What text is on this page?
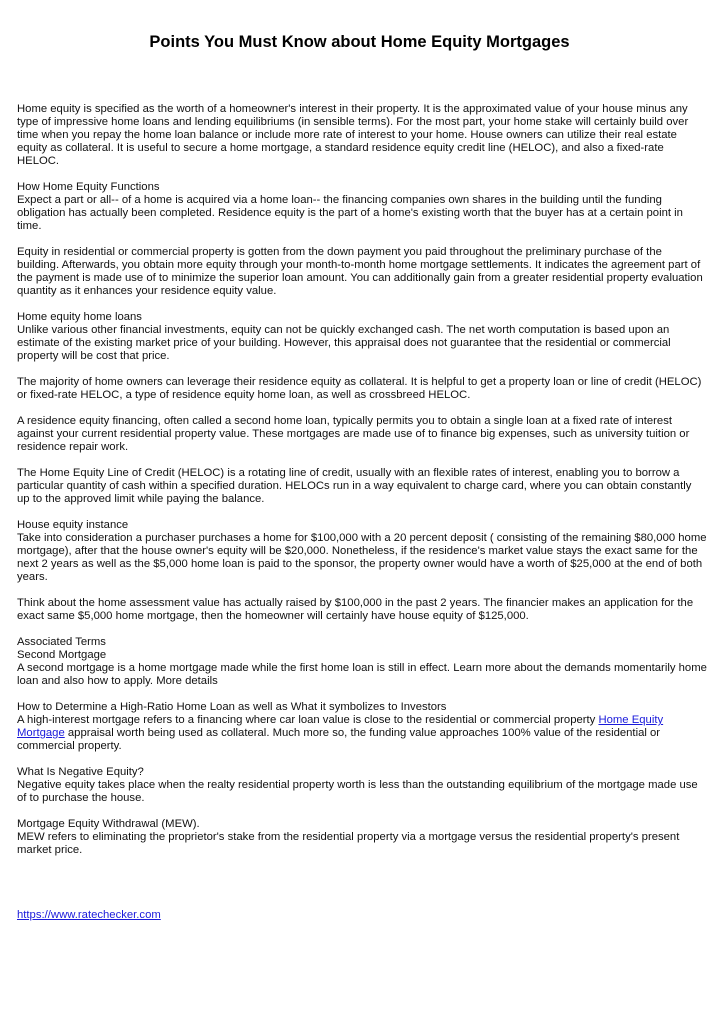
Points You Must Know about Home Equity Mortgages

Home equity is specified as the worth of a homeowner's interest in their property. It is the approximated value of your house minus any type of impressive home loans and lending equilibriums (in sensible terms). For the most part, your home stake will certainly build over time when you repay the home loan balance or include more rate of interest to your home. House owners can utilize their real estate equity as collateral. It is useful to secure a home mortgage, a standard residence equity credit line (HELOC), and also a fixed-rate HELOC.

How Home Equity Functions
Expect a part or all-- of a home is acquired via a home loan-- the financing companies own shares in the building until the funding obligation has actually been completed. Residence equity is the part of a home's existing worth that the buyer has at a certain point in time.

Equity in residential or commercial property is gotten from the down payment you paid throughout the preliminary purchase of the building. Afterwards, you obtain more equity through your month-to-month home mortgage settlements. It indicates the agreement part of the payment is made use of to minimize the superior loan amount. You can additionally gain from a greater residential property evaluation quantity as it enhances your residence equity value.

Home equity home loans
Unlike various other financial investments, equity can not be quickly exchanged cash. The net worth computation is based upon an estimate of the existing market price of your building. However, this appraisal does not guarantee that the residential or commercial property will be cost that price.

The majority of home owners can leverage their residence equity as collateral. It is helpful to get a property loan or line of credit (HELOC) or fixed-rate HELOC, a type of residence equity home loan, as well as crossbreed HELOC.

A residence equity financing, often called a second home loan, typically permits you to obtain a single loan at a fixed rate of interest against your current residential property value. These mortgages are made use of to finance big expenses, such as university tuition or residence repair work.

The Home Equity Line of Credit (HELOC) is a rotating line of credit, usually with an flexible rates of interest, enabling you to borrow a particular quantity of cash within a specified duration. HELOCs run in a way equivalent to charge card, where you can obtain constantly up to the approved limit while paying the balance.

House equity instance
Take into consideration a purchaser purchases a home for $100,000 with a 20 percent deposit ( consisting of the remaining $80,000 home mortgage), after that the house owner's equity will be $20,000. Nonetheless, if the residence's market value stays the exact same for the next 2 years as well as the $5,000 home loan is paid to the sponsor, the property owner would have a worth of $25,000 at the end of both years.

Think about the home assessment value has actually raised by $100,000 in the past 2 years. The financier makes an application for the exact same $5,000 home mortgage, then the homeowner will certainly have house equity of $125,000.

Associated Terms
Second Mortgage
A second mortgage is a home mortgage made while the first home loan is still in effect. Learn more about the demands momentarily home loan and also how to apply. More details

How to Determine a High-Ratio Home Loan as well as What it symbolizes to Investors
A high-interest mortgage refers to a financing where car loan value is close to the residential or commercial property Home Equity Mortgage appraisal worth being used as collateral. Much more so, the funding value approaches 100% value of the residential or commercial property.

What Is Negative Equity?
Negative equity takes place when the realty residential property worth is less than the outstanding equilibrium of the mortgage made use of to purchase the house.

Mortgage Equity Withdrawal (MEW).
MEW refers to eliminating the proprietor's stake from the residential property via a mortgage versus the residential property's present market price.

https://www.ratechecker.com
